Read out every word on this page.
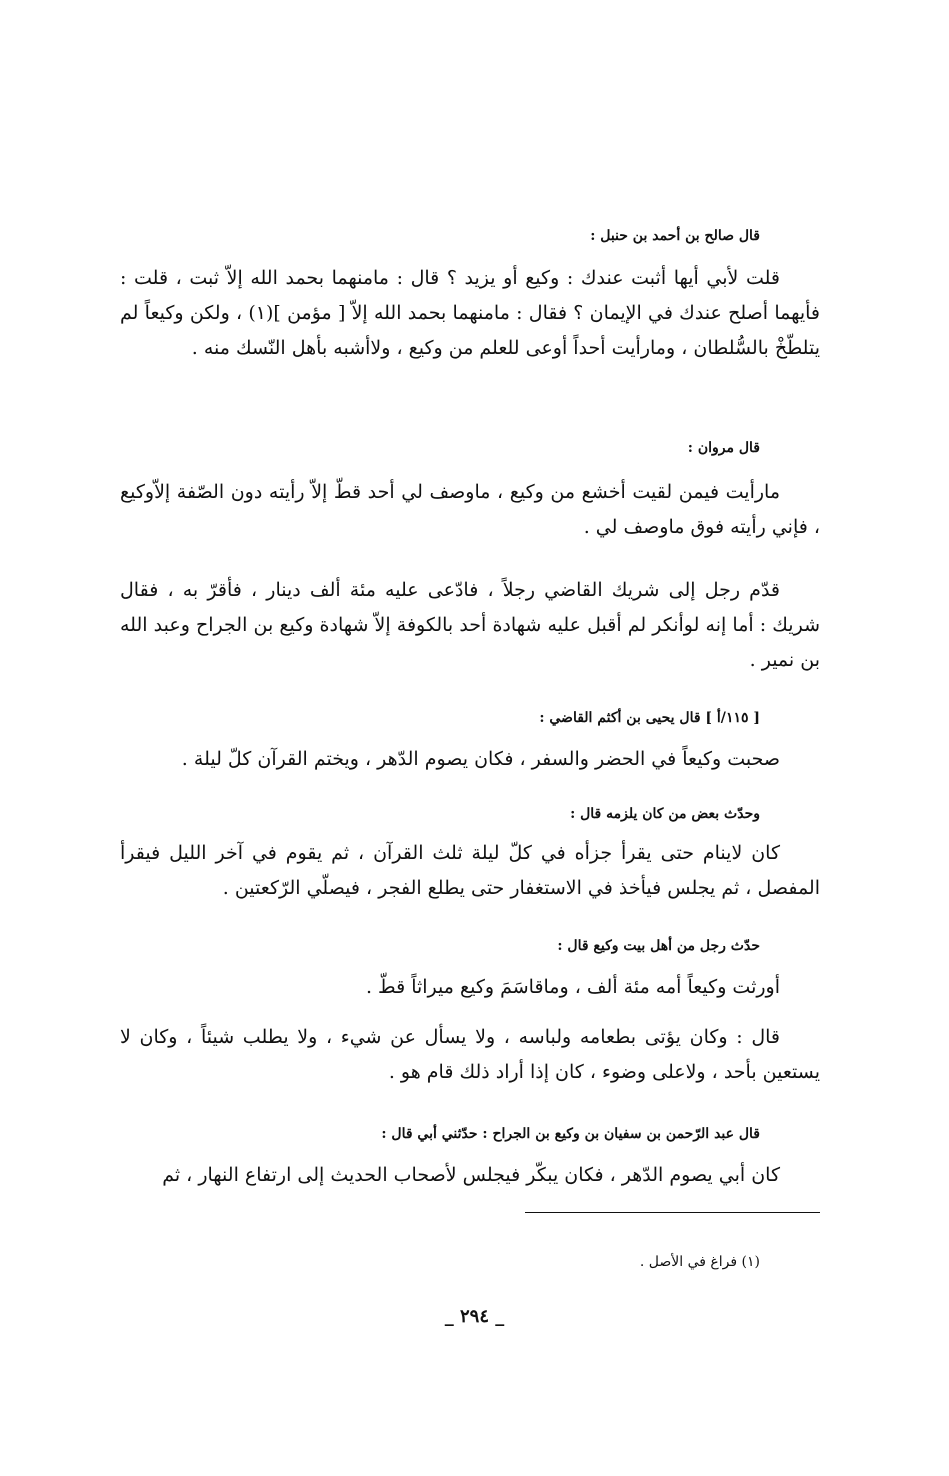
قال صالح بن أحمد بن حنبل :

قلت لأبي أيها أثبت عندك : وكيع أو يزيد ؟ قال : مامنهما بحمد الله إلاّ ثبت ، قلت : فأيهما أصلح عندك في الإيمان ؟ فقال : مامنهما بحمد الله إلاّ [ مؤمن ](١) ، ولكن وكيعاً لم يتلطّخْ بالسُّلطان ، ومارأيت أحداً أوعى للعلم من وكيع ، ولاأشبه بأهل النّسك منه .

قال مروان :

مارأيت فيمن لقيت أخشع من وكيع ، ماوصف لي أحد قطّ إلاّ رأيته دون الصّفة إلاّوكيع ، فإني رأيته فوق ماوصف لي .

قدّم رجل إلى شريك القاضي رجلاً ، فادّعى عليه مئة ألف دينار ، فأقرّ به ، فقال شريك : أما إنه لوأنكر لم أقبل عليه شهادة أحد بالكوفة إلاّ شهادة وكيع بن الجراح وعبد الله بن نمير .

[ ١١٥/أ ] قال يحيى بن أكثم القاضي :

صحبت وكيعاً في الحضر والسفر ، فكان يصوم الدّهر ، ويختم القرآن كلّ ليلة .

وحدّث بعض من كان يلزمه قال :

كان لاينام حتى يقرأ جزأه في كلّ ليلة ثلث القرآن ، ثم يقوم في آخر الليل فيقرأ المفصل ، ثم يجلس فيأخذ في الاستغفار حتى يطلع الفجر ، فيصلّي الرّكعتين .

حدّث رجل من أهل بيت وكيع قال :

أورثت وكيعاً أمه مئة ألف ، وماقاسَمَ وكيع ميراثاً قطّ .

قال : وكان يؤتى بطعامه ولباسه ، ولا يسأل عن شيء ، ولا يطلب شيئاً ، وكان لا يستعين بأحد ، ولاعلى وضوء ، كان إذا أراد ذلك قام هو .

قال عبد الرّحمن بن سفيان بن وكيع بن الجراح : حدّثني أبي قال :

كان أبي يصوم الدّهر ، فكان يبكّر فيجلس لأصحاب الحديث إلى ارتفاع النهار ، ثم

(١) فراغ في الأصل .

_ ٢٩٤ _
